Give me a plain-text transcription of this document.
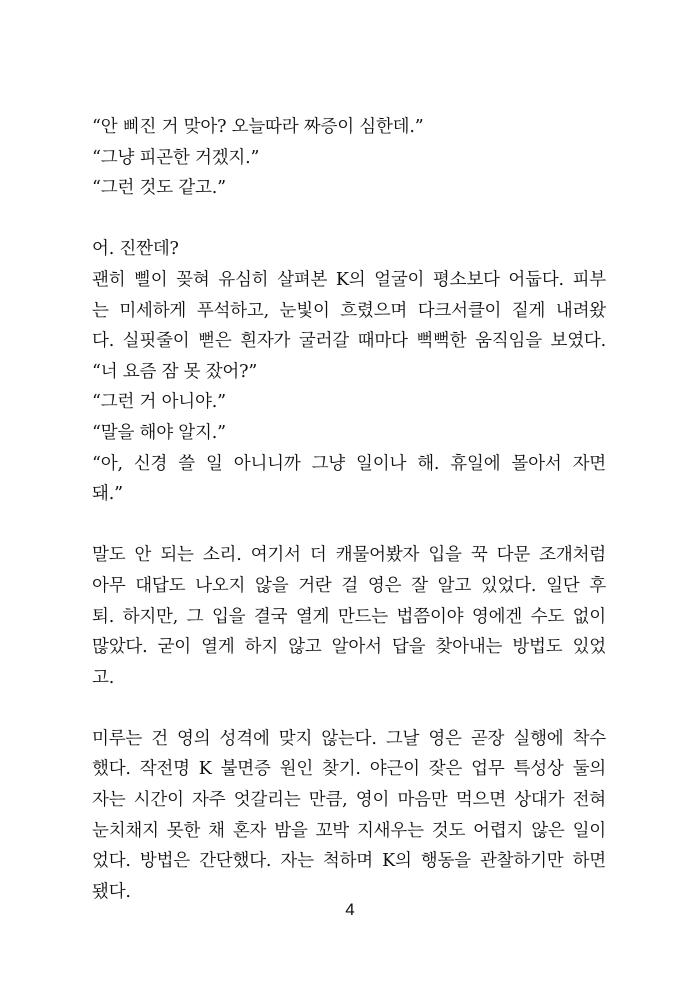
“안 삐진 거 맞아? 오늘따라 짜증이 심한데.”
“그냥 피곤한 거겠지.”
“그런 것도 같고.”
어. 진짠데?
괜히 삘이 꽂혀 유심히 살펴본 K의 얼굴이 평소보다 어둡다. 피부
는 미세하게 푸석하고, 눈빛이 흐렸으며 다크서클이 짙게 내려왔
다. 실핏줄이 뻗은 흰자가 굴러갈 때마다 뻑뻑한 움직임을 보였다.
“너 요즘 잠 못 잤어?”
“그런 거 아니야.”
“말을 해야 알지.”
“아, 신경 쓸 일 아니니까 그냥 일이나 해. 휴일에 몰아서 자면
돼.”
말도 안 되는 소리. 여기서 더 캐물어봤자 입을 꾹 다문 조개처럼
아무 대답도 나오지 않을 거란 걸 영은 잘 알고 있었다. 일단 후
퇴. 하지만, 그 입을 결국 열게 만드는 법쯤이야 영에겐 수도 없이
많았다. 굳이 열게 하지 않고 알아서 답을 찾아내는 방법도 있었
고.
미루는 건 영의 성격에 맞지 않는다. 그날 영은 곧장 실행에 착수
했다. 작전명 K 불면증 원인 찾기. 야근이 잦은 업무 특성상 둘의
자는 시간이 자주 엇갈리는 만큼, 영이 마음만 먹으면 상대가 전혀
눈치채지 못한 채 혼자 밤을 꼬박 지새우는 것도 어렵지 않은 일이
었다. 방법은 간단했다. 자는 척하며 K의 행동을 관찰하기만 하면
됐다.
4
